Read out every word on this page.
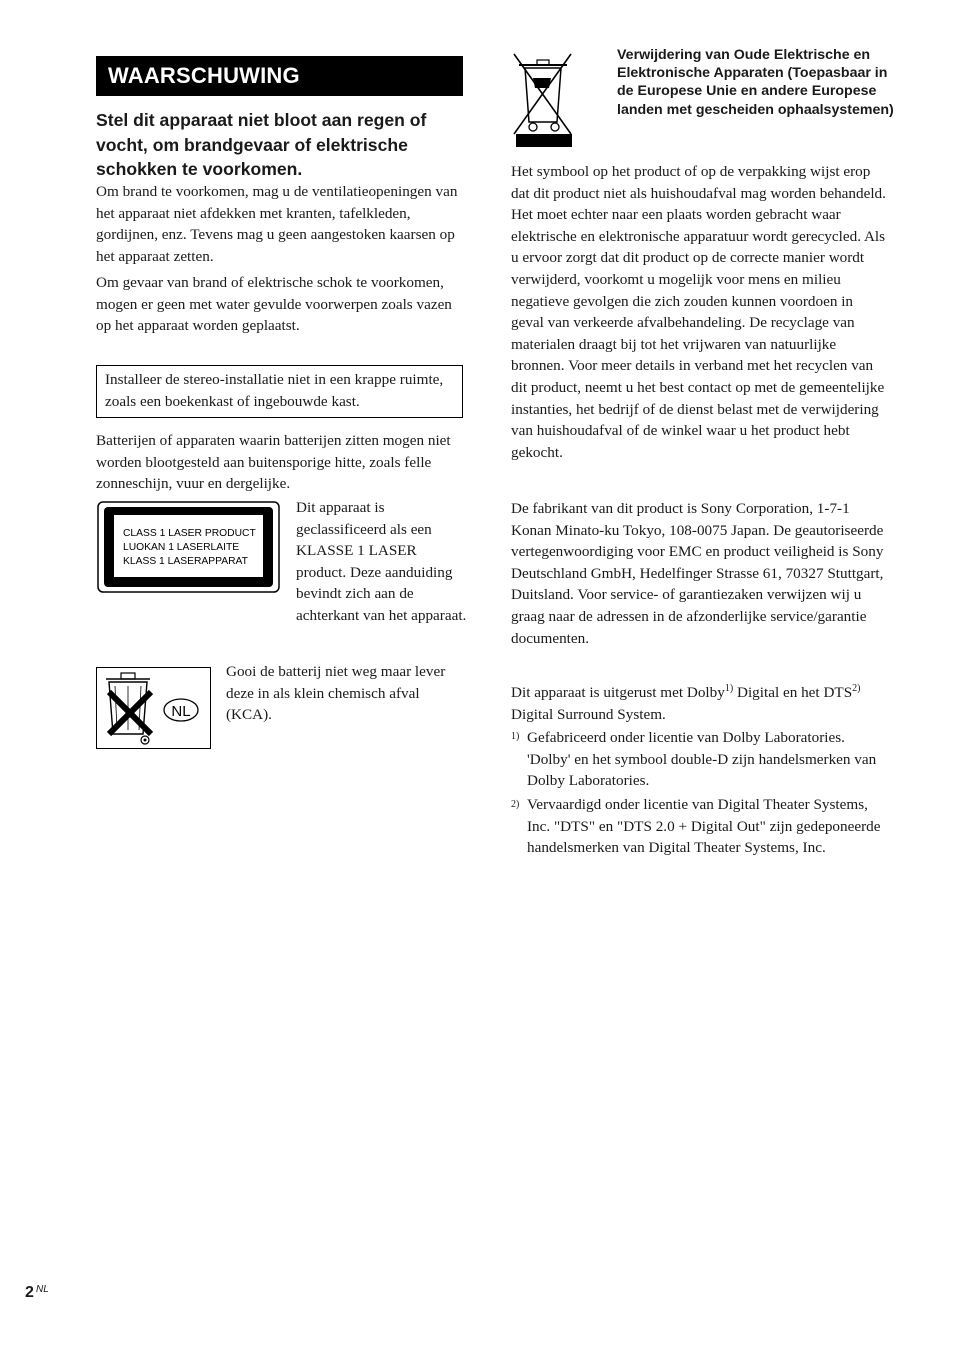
WAARSCHUWING
Stel dit apparaat niet bloot aan regen of vocht, om brandgevaar of elektrische schokken te voorkomen.

Om brand te voorkomen, mag u de ventilatieopeningen van het apparaat niet afdekken met kranten, tafelkleden, gordijnen, enz. Tevens mag u geen aangestoken kaarsen op het apparaat zetten.

Om gevaar van brand of elektrische schok te voorkomen, mogen er geen met water gevulde voorwerpen zoals vazen op het apparaat worden geplaatst.

Installeer de stereo-installatie niet in een krappe ruimte, zoals een boekenkast of ingebouwde kast.

Batterijen of apparaten waarin batterijen zitten mogen niet worden blootgesteld aan buitensporige hitte, zoals felle zonneschijn, vuur en dergelijke.

CLASS 1 LASER PRODUCT
LUOKAN 1 LASERLAITE
KLASS 1 LASERAPPARAT

Dit apparaat is geclassificeerd als een KLASSE 1 LASER product. Deze aanduiding bevindt zich aan de achterkant van het apparaat.

NL

Gooi de batterij niet weg maar lever deze in als klein chemisch afval (KCA).

Verwijdering van Oude Elektrische en Elektronische Apparaten (Toepasbaar in de Europese Unie en andere Europese landen met gescheiden ophaalsystemen)

Het symbool op het product of op de verpakking wijst erop dat dit product niet als huishoudafval mag worden behandeld. Het moet echter naar een plaats worden gebracht waar elektrische en elektronische apparatuur wordt gerecycled. Als u ervoor zorgt dat dit product op de correcte manier wordt verwijderd, voorkomt u mogelijk voor mens en milieu negatieve gevolgen die zich zouden kunnen voordoen in geval van verkeerde afvalbehandeling. De recyclage van materialen draagt bij tot het vrijwaren van natuurlijke bronnen. Voor meer details in verband met het recyclen van dit product, neemt u het best contact op met de gemeentelijke instanties, het bedrijf of de dienst belast met de verwijdering van huishoudafval of de winkel waar u het product hebt gekocht.

De fabrikant van dit product is Sony Corporation, 1-7-1 Konan Minato-ku Tokyo, 108-0075 Japan. De geautoriseerde vertegenwoordiging voor EMC en product veiligheid is Sony Deutschland GmbH, Hedelfinger Strasse 61, 70327 Stuttgart, Duitsland. Voor service- of garantiezaken verwijzen wij u graag naar de adressen in de afzonderlijke service/garantie documenten.

Dit apparaat is uitgerust met Dolby$^{1)}$ Digital en het DTS$^{2)}$ Digital Surround System.

1) Gefabriceerd onder licentie van Dolby Laboratories. 'Dolby' en het symbool double-D zijn handelsmerken van Dolby Laboratories.

2) Vervaardigd onder licentie van Digital Theater Systems, Inc. "DTS" en "DTS 2.0 + Digital Out" zijn gedeponeerde handelsmerken van Digital Theater Systems, Inc.

2 NL
